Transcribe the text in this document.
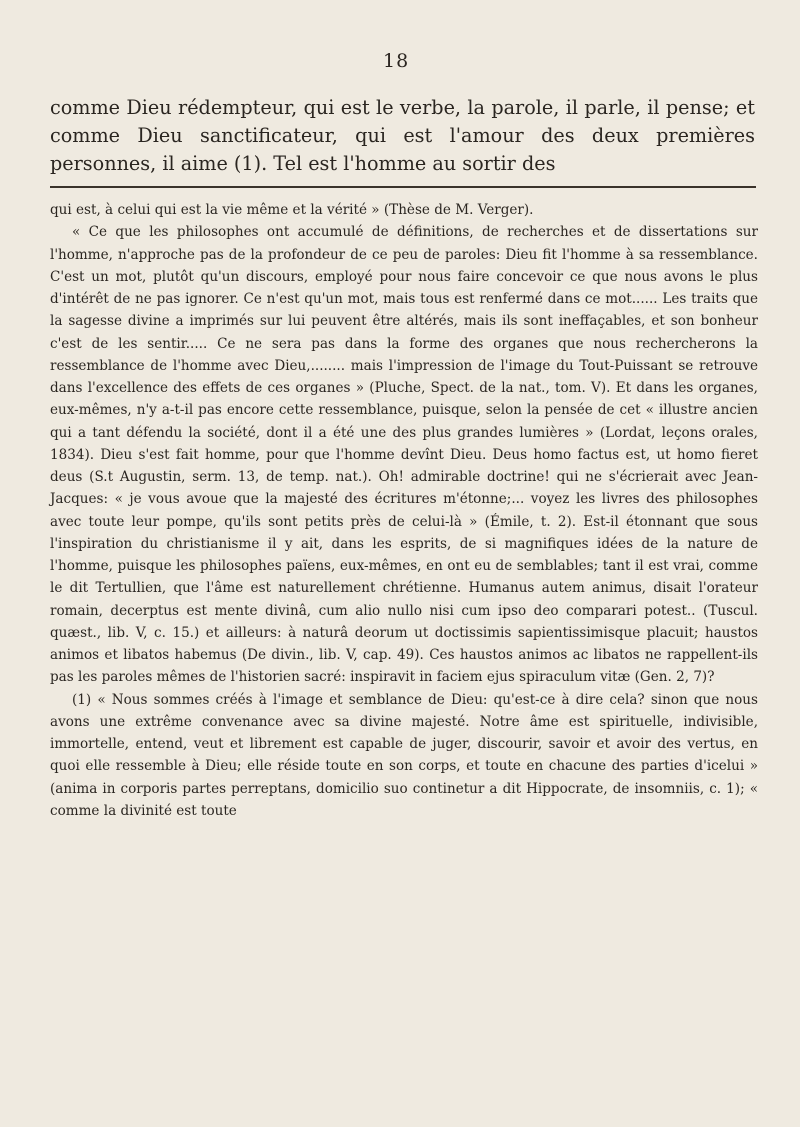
18

comme Dieu rédempteur, qui est le verbe, la parole, il parle, il pense; et comme Dieu sanctificateur, qui est l'amour des deux premières personnes, il aime (1). Tel est l'homme au sortir des

qui est, à celui qui est la vie même et la vérité » (Thèse de M. Verger).

« Ce que les philosophes ont accumulé de définitions, de recherches et de dissertations sur l'homme, n'approche pas de la profondeur de ce peu de paroles: Dieu fit l'homme à sa ressemblance. C'est un mot, plutôt qu'un discours, employé pour nous faire concevoir ce que nous avons le plus d'intérêt de ne pas ignorer. Ce n'est qu'un mot, mais tous est renfermé dans ce mot...... Les traits que la sagesse divine a imprimés sur lui peuvent être altérés, mais ils sont ineffaçables, et son bonheur c'est de les sentir..... Ce ne sera pas dans la forme des organes que nous rechercherons la ressemblance de l'homme avec Dieu,........ mais l'impression de l'image du Tout-Puissant se retrouve dans l'excellence des effets de ces organes » (Pluche, Spect. de la nat., tom. V). Et dans les organes, eux-mêmes, n'y a-t-il pas encore cette ressemblance, puisque, selon la pensée de cet « illustre ancien qui a tant défendu la société, dont il a été une des plus grandes lumières » (Lordat, leçons orales, 1834). Dieu s'est fait homme, pour que l'homme devînt Dieu. Deus homo factus est, ut homo fieret deus (S.t Augustin, serm. 13, de temp. nat.). Oh! admirable doctrine! qui ne s'écrierait avec Jean-Jacques: « je vous avoue que la majesté des écritures m'étonne;... voyez les livres des philosophes avec toute leur pompe, qu'ils sont petits près de celui-là » (Émile, t. 2). Est-il étonnant que sous l'inspiration du christianisme il y ait, dans les esprits, de si magnifiques idées de la nature de l'homme, puisque les philosophes païens, eux-mêmes, en ont eu de semblables; tant il est vrai, comme le dit Tertullien, que l'âme est naturellement chrétienne. Humanus autem animus, disait l'orateur romain, decerptus est mente divinâ, cum alio nullo nisi cum ipso deo comparari potest.. (Tuscul. quæst., lib. V, c. 15.) et ailleurs: à naturâ deorum ut doctissimis sapientissimisque placuit; haustos animos et libatos habemus (De divin., lib. V, cap. 49). Ces haustos animos ac libatos ne rappellent-ils pas les paroles mêmes de l'historien sacré: inspiravit in faciem ejus spiraculum vitæ (Gen. 2, 7)?

(1) « Nous sommes créés à l'image et semblance de Dieu: qu'est-ce à dire cela? sinon que nous avons une extrême convenance avec sa divine majesté. Notre âme est spirituelle, indivisible, immortelle, entend, veut et librement est capable de juger, discourir, savoir et avoir des vertus, en quoi elle ressemble à Dieu; elle réside toute en son corps, et toute en chacune des parties d'icelui » (anima in corporis partes perreptans, domicilio suo continetur a dit Hippocrate, de insomniis, c. 1); « comme la divinité est toute
